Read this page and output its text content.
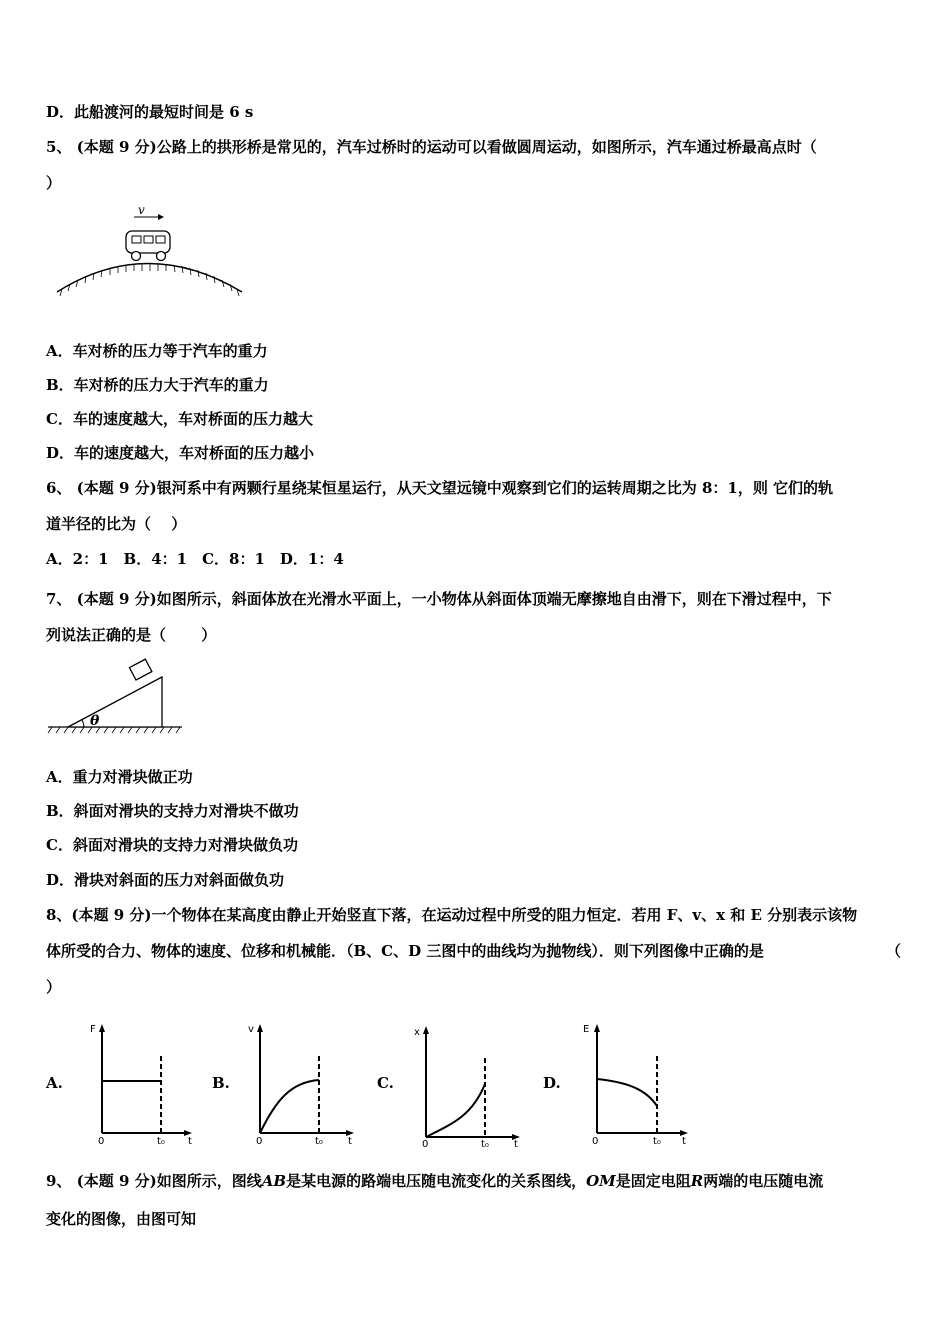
D．此船渡河的最短时间是 6 s
5、 (本题 9 分)公路上的拱形桥是常见的，汽车过桥时的运动可以看做圆周运动，如图所示，汽车通过桥最高点时（
）
v
A．车对桥的压力等于汽车的重力
B．车对桥的压力大于汽车的重力
C．车的速度越大，车对桥面的压力越大
D．车的速度越大，车对桥面的压力越小
6、 (本题 9 分)银河系中有两颗行星绕某恒星运行，从天文望远镜中观察到它们的运转周期之比为 8：1，则 它们的轨
道半径的比为（　 ）
A．2：1　B．4：1　C．8：1　D．1：4
7、 (本题 9 分)如图所示，斜面体放在光滑水平面上，一小物体从斜面体顶端无摩擦地自由滑下，则在下滑过程中，下
列说法正确的是（　　 ）
θ
A．重力对滑块做正功
B．斜面对滑块的支持力对滑块不做功
C．斜面对滑块的支持力对滑块做负功
D．滑块对斜面的压力对斜面做负功
8、(本题 9 分)一个物体在某高度由静止开始竖直下落，在运动过程中所受的阻力恒定．若用 F、v、x 和 E 分别表示该物
体所受的合力、物体的速度、位移和机械能．（B、C、D 三图中的曲线均为抛物线）．则下列图像中正确的是	（
）
A.
F
0	t₀ t
B.
v
0	t₀	t
C.
x
0	t₀	t
D.
E
0	t₀ t
9、 (本题 9 分)如图所示，图线AB是某电源的路端电压随电流变化的关系图线，OM是固定电阻R两端的电压随电流
变化的图像，由图可知
